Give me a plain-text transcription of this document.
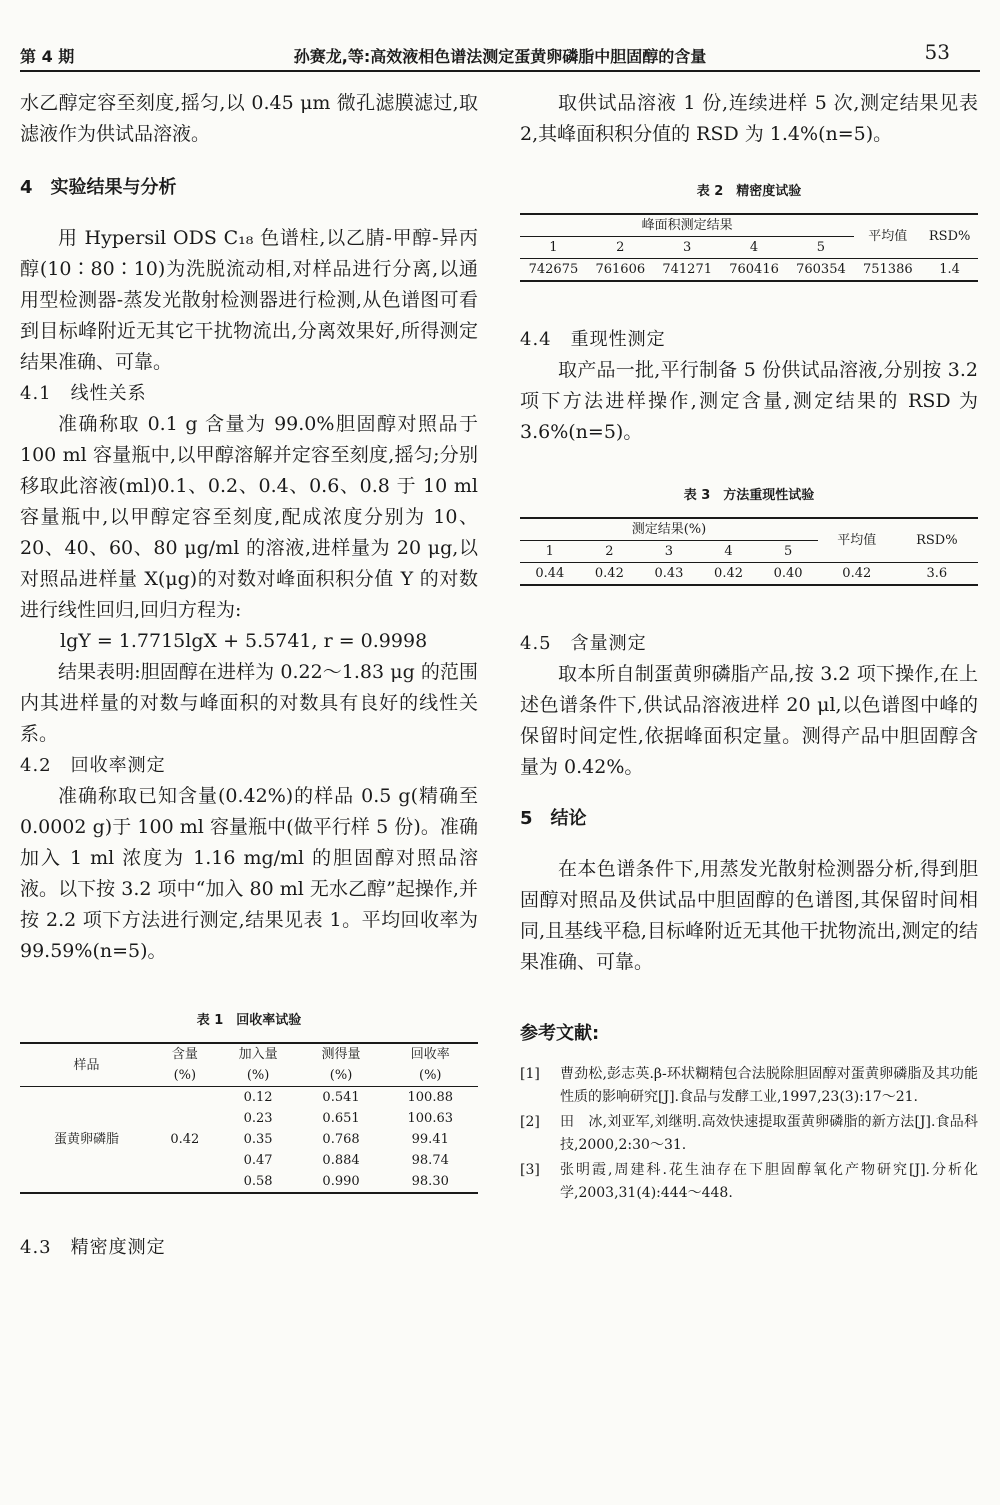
第 4 期	孙赛龙,等:高效液相色谱法测定蛋黄卵磷脂中胆固醇的含量	53

水乙醇定容至刻度,摇匀,以 0.45 μm 微孔滤膜滤过,取滤液作为供试品溶液。

4　实验结果与分析

用 Hypersil ODS C₁₈ 色谱柱,以乙腈-甲醇-异丙醇(10∶80∶10)为洗脱流动相,对样品进行分离,以通用型检测器-蒸发光散射检测器进行检测,从色谱图可看到目标峰附近无其它干扰物流出,分离效果好,所得测定结果准确、可靠。

4.1　线性关系

准确称取 0.1 g 含量为 99.0%胆固醇对照品于 100 ml 容量瓶中,以甲醇溶解并定容至刻度,摇匀;分别移取此溶液(ml)0.1、0.2、0.4、0.6、0.8 于 10 ml 容量瓶中,以甲醇定容至刻度,配成浓度分别为 10、20、40、60、80 μg/ml 的溶液,进样量为 20 μg,以对照品进样量 X(μg)的对数对峰面积积分值 Y 的对数进行线性回归,回归方程为:

lgY = 1.7715lgX + 5.5741, r = 0.9998

结果表明:胆固醇在进样为 0.22～1.83 μg 的范围内其进样量的对数与峰面积的对数具有良好的线性关系。

4.2　回收率测定

准确称取已知含量(0.42%)的样品 0.5 g(精确至 0.0002 g)于 100 ml 容量瓶中(做平行样 5 份)。准确加入 1 ml 浓度为 1.16 mg/ml 的胆固醇对照品溶液。以下按 3.2 项中“加入 80 ml 无水乙醇”起操作,并按 2.2 项下方法进行测定,结果见表 1。平均回收率为 99.59%(n=5)。

表 1　回收率试验

样品	含量	加入量	测得量	回收率
	(%)	(%)	(%)	(%)
蛋黄卵磷脂	0.42	0.12	0.541	100.88
		0.23	0.651	100.63
		0.35	0.768	99.41
		0.47	0.884	98.74
		0.58	0.990	98.30

4.3　精密度测定

取供试品溶液 1 份,连续进样 5 次,测定结果见表 2,其峰面积积分值的 RSD 为 1.4%(n=5)。

表 2　精密度试验

峰面积测定结果					平均值	RSD%
1	2	3	4	5		
742675	761606	741271	760416	760354	751386	1.4

4.4　重现性测定

取产品一批,平行制备 5 份供试品溶液,分别按 3.2 项下方法进样操作,测定含量,测定结果的 RSD 为 3.6%(n=5)。

表 3　方法重现性试验

测定结果(%)					平均值	RSD%
1	2	3	4	5		
0.44	0.42	0.43	0.42	0.40	0.42	3.6

4.5　含量测定

取本所自制蛋黄卵磷脂产品,按 3.2 项下操作,在上述色谱条件下,供试品溶液进样 20 μl,以色谱图中峰的保留时间定性,依据峰面积定量。测得产品中胆固醇含量为 0.42%。

5　结论

在本色谱条件下,用蒸发光散射检测器分析,得到胆固醇对照品及供试品中胆固醇的色谱图,其保留时间相同,且基线平稳,目标峰附近无其他干扰物流出,测定的结果准确、可靠。

参考文献:

[1] 曹劲松,彭志英.β-环状糊精包合法脱除胆固醇对蛋黄卵磷脂及其功能性质的影响研究[J].食品与发酵工业,1997,23(3):17～21.
[2] 田　冰,刘亚军,刘继明.高效快速提取蛋黄卵磷脂的新方法[J].食品科技,2000,2:30～31.
[3] 张明霞,周建科.花生油存在下胆固醇氧化产物研究[J].分析化学,2003,31(4):444～448.
